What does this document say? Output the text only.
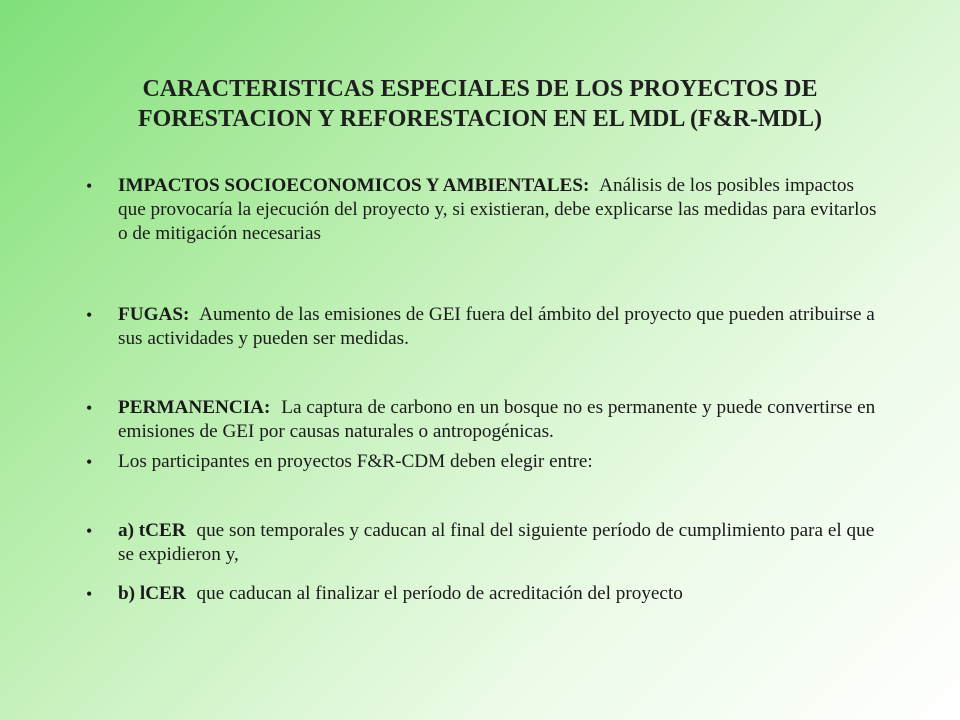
CARACTERISTICAS ESPECIALES DE LOS PROYECTOS DE
FORESTACION Y REFORESTACION EN EL MDL (F&R-MDL)
• IMPACTOS SOCIOECONOMICOS Y AMBIENTALES: Análisis de los posibles impactos que provocaría la ejecución del proyecto y, si existieran, debe explicarse las medidas para evitarlos o de mitigación necesarias
• FUGAS: Aumento de las emisiones de GEI fuera del ámbito del proyecto que pueden atribuirse a sus actividades y pueden ser medidas.
• PERMANENCIA: La captura de carbono en un bosque no es permanente y puede convertirse en emisiones de GEI por causas naturales o antropogénicas.
• Los participantes en proyectos F&R-CDM deben elegir entre:
• a) tCER que son temporales y caducan al final del siguiente período de cumplimiento para el que se expidieron y,
• b) lCER que caducan al finalizar el período de acreditación del proyecto
